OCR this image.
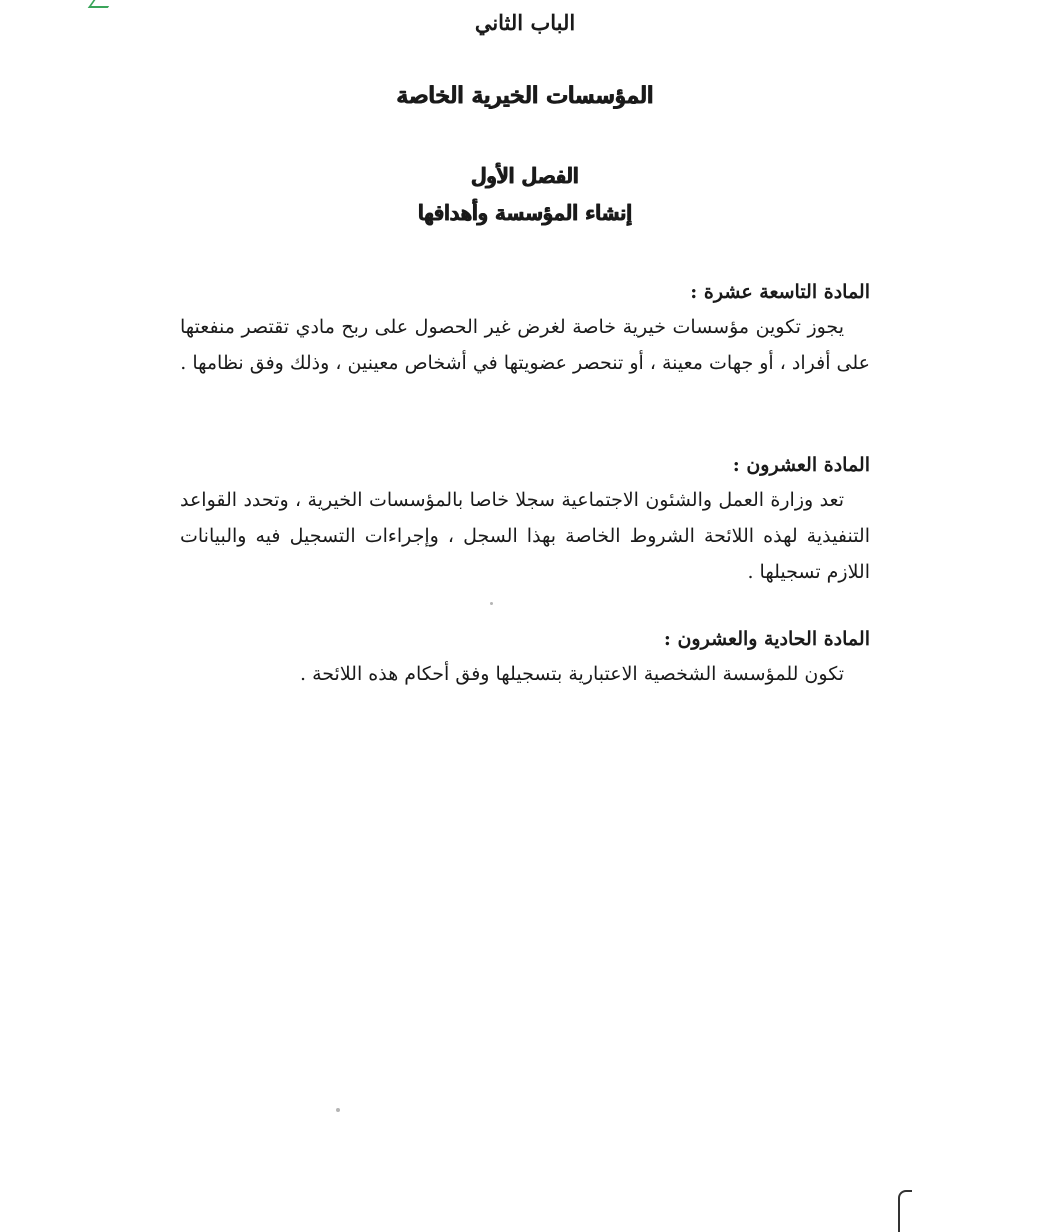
الباب الثاني
المؤسسات الخيرية الخاصة
الفصل الأول
إنشاء المؤسسة وأهدافها

المادة التاسعة عشرة :

يجوز تكوين مؤسسات خيرية خاصة لغرض غير الحصول على ربح مادي تقتصر منفعتها على أفراد ، أو جهات معينة ، أو تنحصر عضويتها في أشخاص معينين ، وذلك وفق نظامها .

المادة العشرون :

تعد وزارة العمل والشئون الاجتماعية سجلا خاصا بالمؤسسات الخيرية ، وتحدد القواعد التنفيذية لهذه اللائحة الشروط الخاصة بهذا السجل ، وإجراءات التسجيل فيه والبيانات اللازم تسجيلها .

المادة الحادية والعشرون :

تكون للمؤسسة الشخصية الاعتبارية بتسجيلها وفق أحكام هذه اللائحة .
